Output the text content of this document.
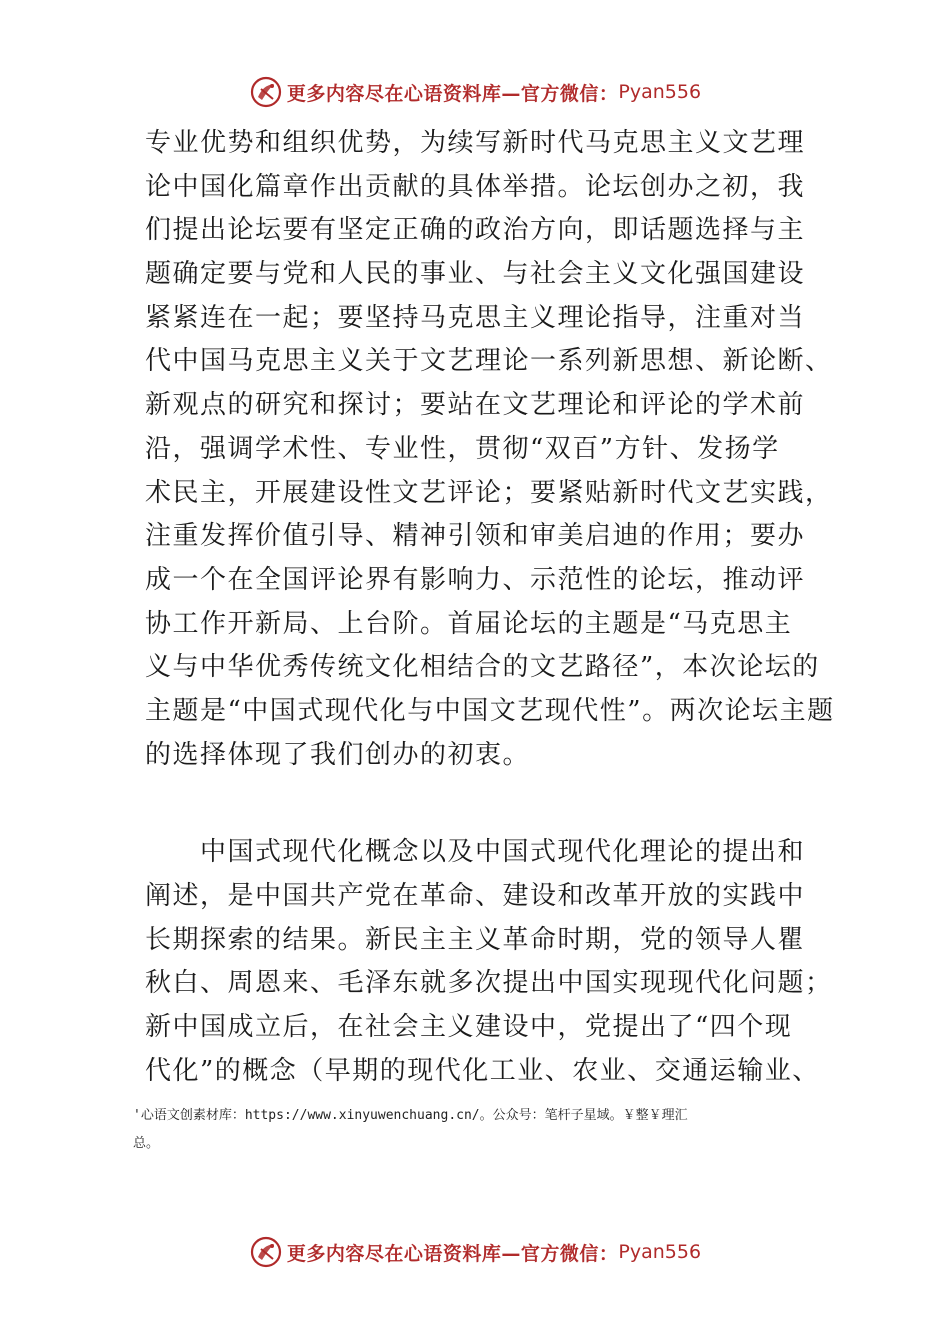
更多内容尽在心语资料库—官方微信： Pyan556
专业优势和组织优势，为续写新时代马克思主义文艺理
论中国化篇章作出贡献的具体举措。论坛创办之初，我
们提出论坛要有坚定正确的政治方向，即话题选择与主
题确定要与党和人民的事业、与社会主义文化强国建设
紧紧连在一起；要坚持马克思主义理论指导，注重对当
代中国马克思主义关于文艺理论一系列新思想、新论断、
新观点的研究和探讨；要站在文艺理论和评论的学术前
沿，强调学术性、专业性，贯彻“双百”方针、发扬学
术民主，开展建设性文艺评论；要紧贴新时代文艺实践，
注重发挥价值引导、精神引领和审美启迪的作用；要办
成一个在全国评论界有影响力、示范性的论坛，推动评
协工作开新局、上台阶。首届论坛的主题是“马克思主
义与中华优秀传统文化相结合的文艺路径”，本次论坛的
主题是“中国式现代化与中国文艺现代性”。两次论坛主题
的选择体现了我们创办的初衷。
　　中国式现代化概念以及中国式现代化理论的提出和
阐述，是中国共产党在革命、建设和改革开放的实践中
长期探索的结果。新民主主义革命时期，党的领导人瞿
秋白、周恩来、毛泽东就多次提出中国实现现代化问题；
新中国成立后，在社会主义建设中，党提出了“四个现
代化”的概念（早期的现代化工业、农业、交通运输业、
'心语文创素材库：https://www.xinyuwenchuang.cn/。公众号：笔杆子星域。￥整￥理汇
总。
更多内容尽在心语资料库—官方微信： Pyan556
